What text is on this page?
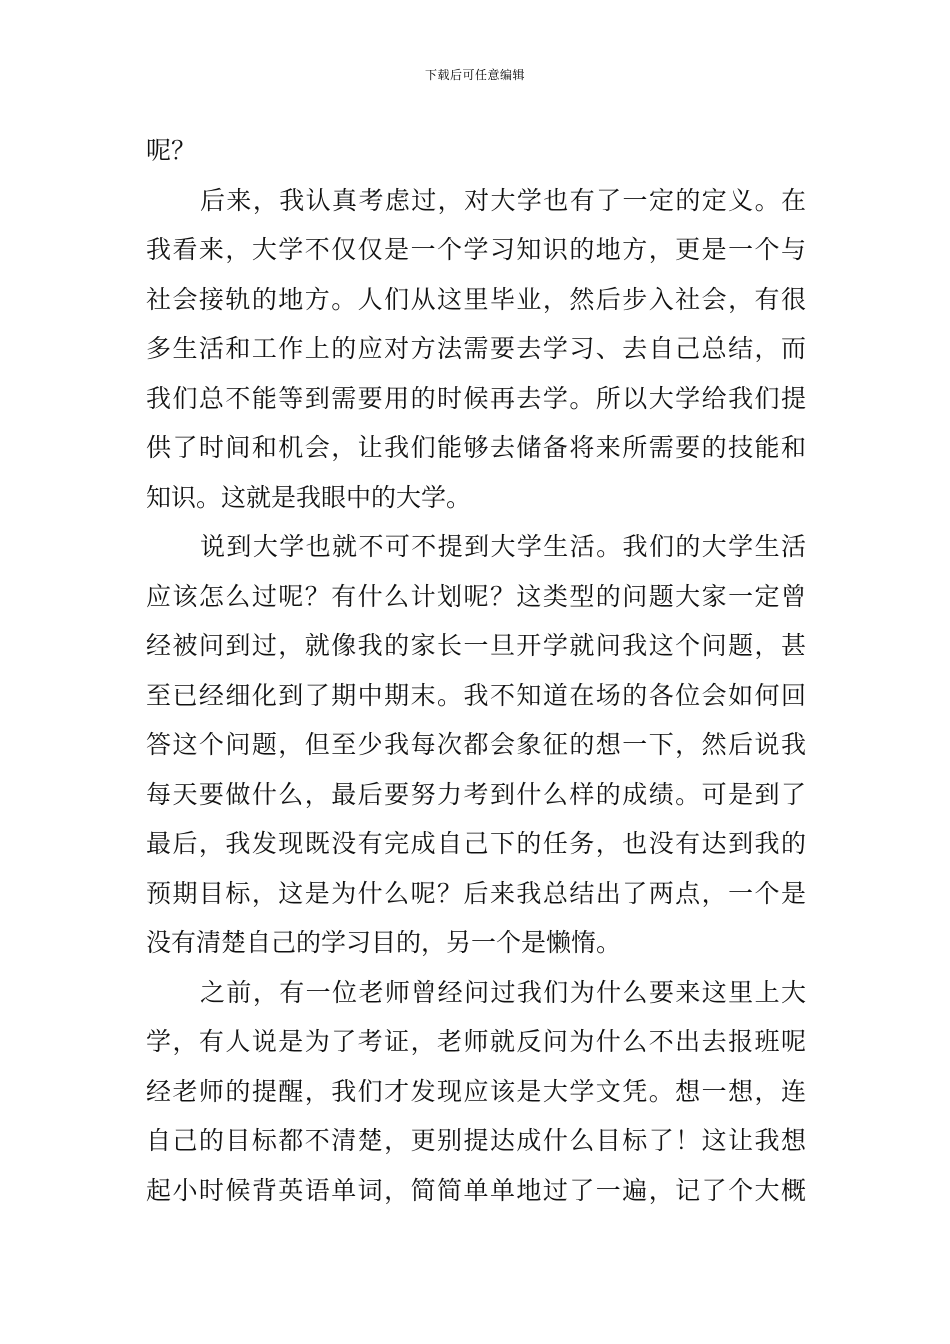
下载后可任意编辑
呢？
后来，我认真考虑过，对大学也有了一定的定义。在
我看来，大学不仅仅是一个学习知识的地方，更是一个与
社会接轨的地方。人们从这里毕业，然后步入社会，有很
多生活和工作上的应对方法需要去学习、去自己总结，而
我们总不能等到需要用的时候再去学。所以大学给我们提
供了时间和机会，让我们能够去储备将来所需要的技能和
知识。这就是我眼中的大学。
说到大学也就不可不提到大学生活。我们的大学生活
应该怎么过呢？有什么计划呢？这类型的问题大家一定曾
经被问到过，就像我的家长一旦开学就问我这个问题，甚
至已经细化到了期中期末。我不知道在场的各位会如何回
答这个问题，但至少我每次都会象征的想一下，然后说我
每天要做什么，最后要努力考到什么样的成绩。可是到了
最后，我发现既没有完成自己下的任务，也没有达到我的
预期目标，这是为什么呢？后来我总结出了两点，一个是
没有清楚自己的学习目的，另一个是懒惰。
之前，有一位老师曾经问过我们为什么要来这里上大
学，有人说是为了考证，老师就反问为什么不出去报班呢
经老师的提醒，我们才发现应该是大学文凭。想一想，连
自己的目标都不清楚，更别提达成什么目标了！这让我想
起小时候背英语单词，简简单单地过了一遍，记了个大概
